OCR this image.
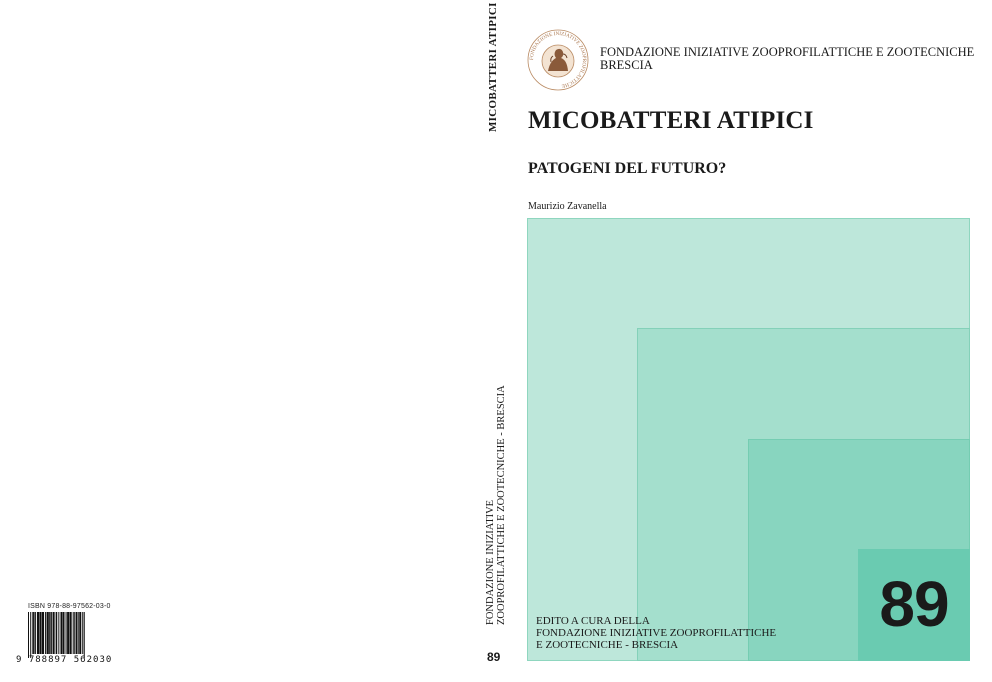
ISBN 978-88-97562-03-0
9 788897 562030
MICOBATTERI ATIPICI
FONDAZIONE INIZIATIVE ZOOPROFILATTICHE E ZOOTECNICHE - BRESCIA
89
FONDAZIONE INIZIATIVE ZOOPROFILATTICHE
FONDAZIONE INIZIATIVE ZOOPROFILATTICHE E ZOOTECNICHE
BRESCIA
MICOBATTERI ATIPICI
PATOGENI DEL FUTURO?
Maurizio Zavanella
89
EDITO A CURA DELLA
FONDAZIONE INIZIATIVE ZOOPROFILATTICHE
E ZOOTECNICHE - BRESCIA
